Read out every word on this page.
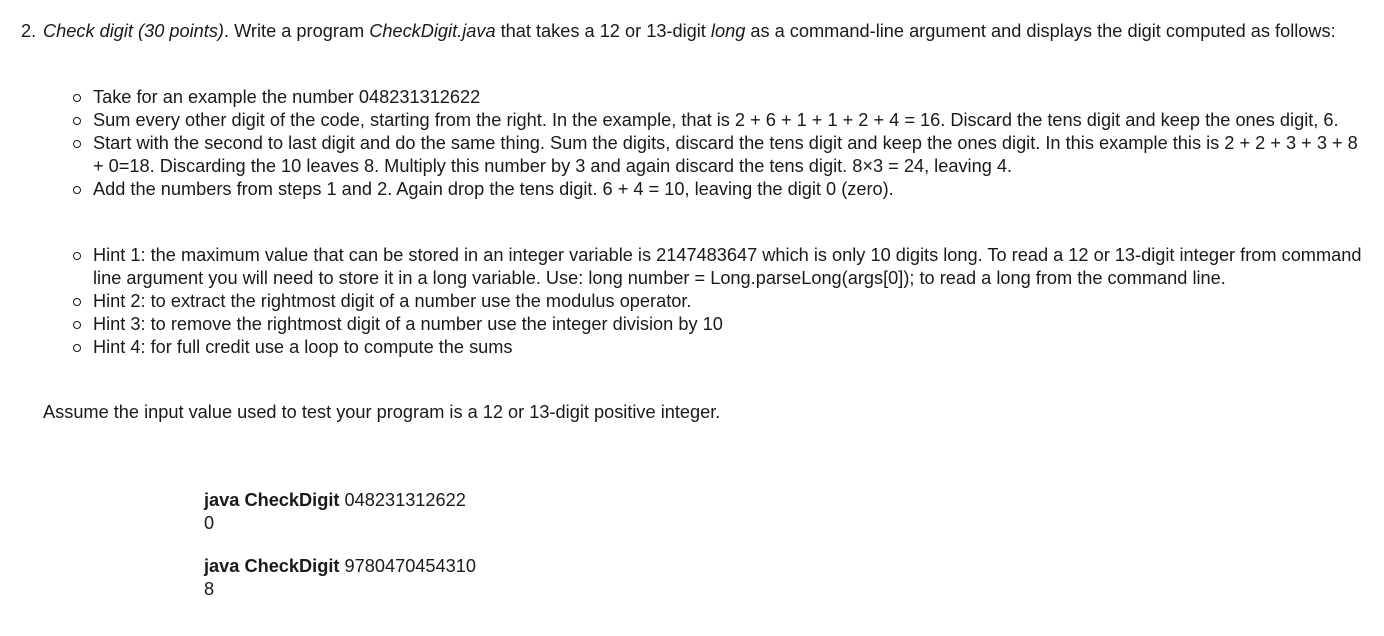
2. Check digit (30 points). Write a program CheckDigit.java that takes a 12 or 13-digit long as a command-line argument and displays the digit computed as follows:
Take for an example the number 048231312622
Sum every other digit of the code, starting from the right. In the example, that is 2 + 6 + 1 + 1 + 2 + 4 = 16. Discard the tens digit and keep the ones digit, 6.
Start with the second to last digit and do the same thing. Sum the digits, discard the tens digit and keep the ones digit. In this example this is 2 + 2 + 3 + 3 + 8 + 0=18. Discarding the 10 leaves 8. Multiply this number by 3 and again discard the tens digit. 8×3 = 24, leaving 4.
Add the numbers from steps 1 and 2. Again drop the tens digit. 6 + 4 = 10, leaving the digit 0 (zero).
Hint 1: the maximum value that can be stored in an integer variable is 2147483647 which is only 10 digits long. To read a 12 or 13-digit integer from command line argument you will need to store it in a long variable. Use: long number = Long.parseLong(args[0]); to read a long from the command line.
Hint 2: to extract the rightmost digit of a number use the modulus operator.
Hint 3: to remove the rightmost digit of a number use the integer division by 10
Hint 4: for full credit use a loop to compute the sums
Assume the input value used to test your program is a 12 or 13-digit positive integer.
java CheckDigit 048231312622
0
java CheckDigit 9780470454310
8
